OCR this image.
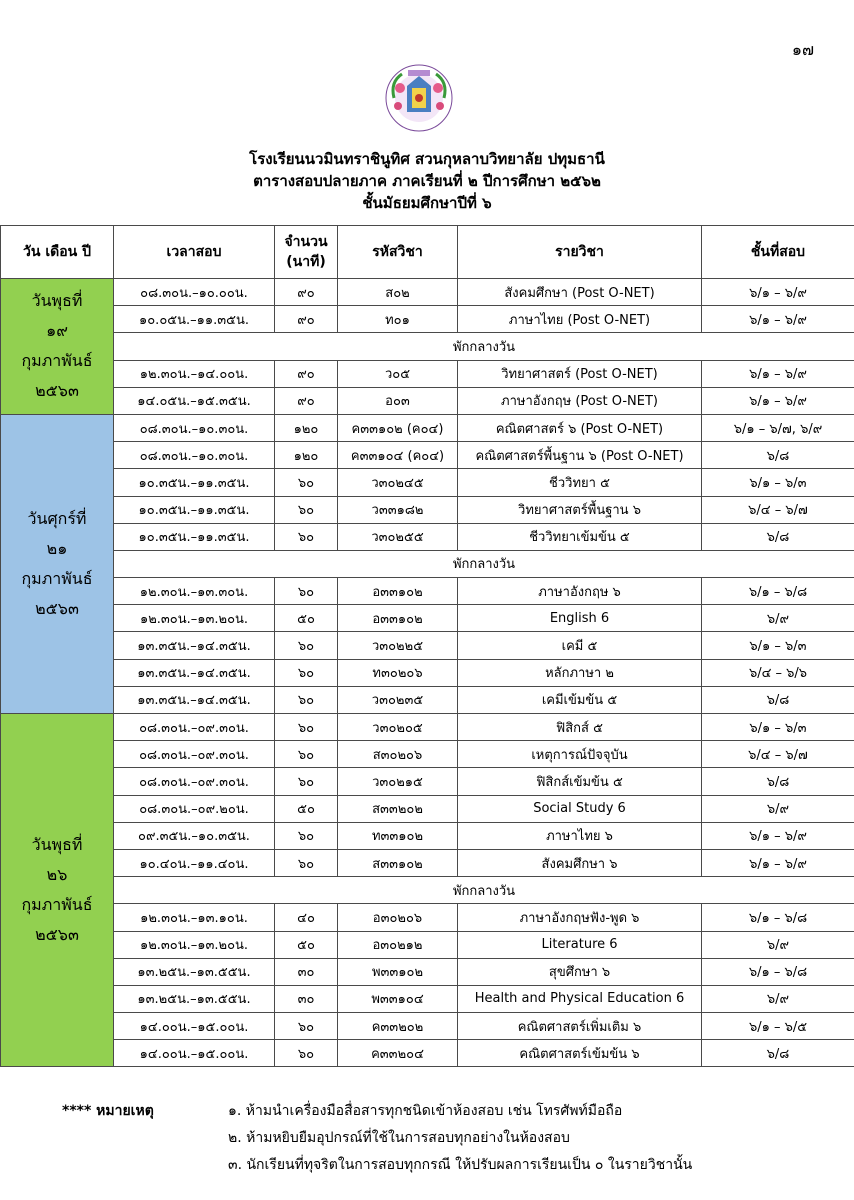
๑๗
โรงเรียนนวมินทราชินูทิศ สวนกุหลาบวิทยาลัย ปทุมธานี
ตารางสอบปลายภาค ภาคเรียนที่ ๒ ปีการศึกษา ๒๕๖๒
ชั้นมัธยมศึกษาปีที่ ๖
วัน เดือน ปี	เวลาสอบ	จำนวน
(นาที)	รหัสวิชา	รายวิชา	ชั้นที่สอบ

วันพุธที่
๑๙
กุมภาพันธ์
๒๕๖๓	๐๘.๓๐น.–๑๐.๐๐น.	๙๐	ส๐๒	สังคมศึกษา (Post O-NET)	๖/๑ – ๖/๙
	๑๐.๐๕น.–๑๑.๓๕น.	๙๐	ท๐๑	ภาษาไทย (Post O-NET)	๖/๑ – ๖/๙
	พักกลางวัน				
	๑๒.๓๐น.–๑๔.๐๐น.	๙๐	ว๐๕	วิทยาศาสตร์ (Post O-NET)	๖/๑ – ๖/๙
	๑๔.๐๕น.–๑๕.๓๕น.	๙๐	อ๐๓	ภาษาอังกฤษ (Post O-NET)	๖/๑ – ๖/๙

วันศุกร์ที่
๒๑
กุมภาพันธ์
๒๕๖๓	๐๘.๓๐น.–๑๐.๓๐น.	๑๒๐	ค๓๓๑๐๒ (ค๐๔)	คณิตศาสตร์ ๖ (Post O-NET)	๖/๑ – ๖/๗, ๖/๙
	๐๘.๓๐น.–๑๐.๓๐น.	๑๒๐	ค๓๓๑๐๔ (ค๐๔)	คณิตศาสตร์พื้นฐาน ๖ (Post O-NET)	๖/๘
	๑๐.๓๕น.–๑๑.๓๕น.	๖๐	ว๓๐๒๔๕	ชีววิทยา ๕	๖/๑ – ๖/๓
	๑๐.๓๕น.–๑๑.๓๕น.	๖๐	ว๓๓๑๘๒	วิทยาศาสตร์พื้นฐาน ๖	๖/๔ – ๖/๗
	๑๐.๓๕น.–๑๑.๓๕น.	๖๐	ว๓๐๒๕๕	ชีววิทยาเข้มข้น ๕	๖/๘
	พักกลางวัน				
	๑๒.๓๐น.–๑๓.๓๐น.	๖๐	อ๓๓๑๐๒	ภาษาอังกฤษ ๖	๖/๑ – ๖/๘
	๑๒.๓๐น.–๑๓.๒๐น.	๕๐	อ๓๓๑๐๒	English 6	๖/๙
	๑๓.๓๕น.–๑๔.๓๕น.	๖๐	ว๓๐๒๒๕	เคมี ๕	๖/๑ – ๖/๓
	๑๓.๓๕น.–๑๔.๓๕น.	๖๐	ท๓๐๒๐๖	หลักภาษา ๒	๖/๔ – ๖/๖
	๑๓.๓๕น.–๑๔.๓๕น.	๖๐	ว๓๐๒๓๕	เคมีเข้มข้น ๕	๖/๘

วันพุธที่
๒๖
กุมภาพันธ์
๒๕๖๓	๐๘.๓๐น.–๐๙.๓๐น.	๖๐	ว๓๐๒๐๕	ฟิสิกส์ ๕	๖/๑ – ๖/๓
	๐๘.๓๐น.–๐๙.๓๐น.	๖๐	ส๓๐๒๐๖	เหตุการณ์ปัจจุบัน	๖/๔ – ๖/๗
	๐๘.๓๐น.–๐๙.๓๐น.	๖๐	ว๓๐๒๑๕	ฟิสิกส์เข้มข้น ๕	๖/๘
	๐๘.๓๐น.–๐๙.๒๐น.	๕๐	ส๓๓๒๐๒	Social Study 6	๖/๙
	๐๙.๓๕น.–๑๐.๓๕น.	๖๐	ท๓๓๑๐๒	ภาษาไทย ๖	๖/๑ – ๖/๙
	๑๐.๔๐น.–๑๑.๔๐น.	๖๐	ส๓๓๑๐๒	สังคมศึกษา ๖	๖/๑ – ๖/๙
	พักกลางวัน				
	๑๒.๓๐น.–๑๓.๑๐น.	๔๐	อ๓๐๒๐๖	ภาษาอังกฤษฟัง-พูด ๖	๖/๑ – ๖/๘
	๑๒.๓๐น.–๑๓.๒๐น.	๕๐	อ๓๐๒๑๒	Literature 6	๖/๙
	๑๓.๒๕น.–๑๓.๕๕น.	๓๐	พ๓๓๑๐๒	สุขศึกษา ๖	๖/๑ – ๖/๘
	๑๓.๒๕น.–๑๓.๕๕น.	๓๐	พ๓๓๑๐๔	Health and Physical Education 6	๖/๙
	๑๔.๐๐น.–๑๕.๐๐น.	๖๐	ค๓๓๒๐๒	คณิตศาสตร์เพิ่มเติม ๖	๖/๑ – ๖/๕
	๑๔.๐๐น.–๑๕.๐๐น.	๖๐	ค๓๓๒๐๔	คณิตศาสตร์เข้มข้น ๖	๖/๘
**** หมายเหตุ	๑. ห้ามนำเครื่องมือสื่อสารทุกชนิดเข้าห้องสอบ เช่น โทรศัพท์มือถือ
๒. ห้ามหยิบยืมอุปกรณ์ที่ใช้ในการสอบทุกอย่างในห้องสอบ
๓. นักเรียนที่ทุจริตในการสอบทุกกรณี ให้ปรับผลการเรียนเป็น ๐ ในรายวิชานั้น
